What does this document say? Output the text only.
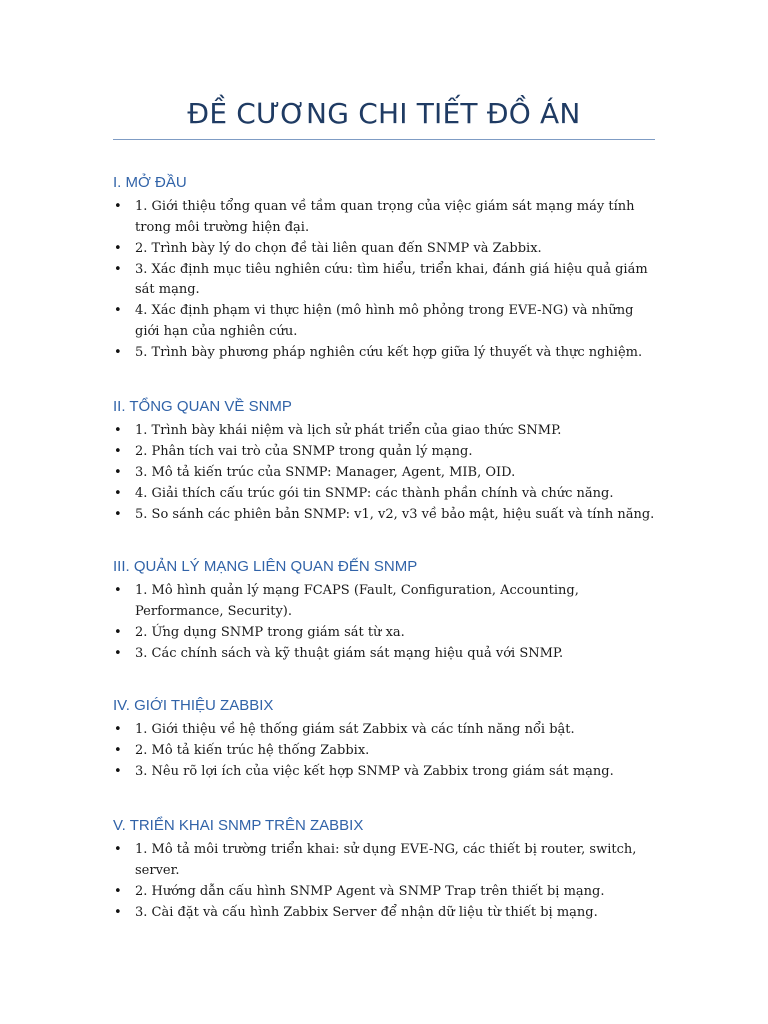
ĐỀ CƯƠNG CHI TIẾT ĐỒ ÁN
I. MỞ ĐẦU
• 1. Giới thiệu tổng quan về tầm quan trọng của việc giám sát mạng máy tính trong môi trường hiện đại.
• 2. Trình bày lý do chọn đề tài liên quan đến SNMP và Zabbix.
• 3. Xác định mục tiêu nghiên cứu: tìm hiểu, triển khai, đánh giá hiệu quả giám sát mạng.
• 4. Xác định phạm vi thực hiện (mô hình mô phỏng trong EVE-NG) và những giới hạn của nghiên cứu.
• 5. Trình bày phương pháp nghiên cứu kết hợp giữa lý thuyết và thực nghiệm.
II. TỔNG QUAN VỀ SNMP
• 1. Trình bày khái niệm và lịch sử phát triển của giao thức SNMP.
• 2. Phân tích vai trò của SNMP trong quản lý mạng.
• 3. Mô tả kiến trúc của SNMP: Manager, Agent, MIB, OID.
• 4. Giải thích cấu trúc gói tin SNMP: các thành phần chính và chức năng.
• 5. So sánh các phiên bản SNMP: v1, v2, v3 về bảo mật, hiệu suất và tính năng.
III. QUẢN LÝ MẠNG LIÊN QUAN ĐẾN SNMP
• 1. Mô hình quản lý mạng FCAPS (Fault, Configuration, Accounting, Performance, Security).
• 2. Ứng dụng SNMP trong giám sát từ xa.
• 3. Các chính sách và kỹ thuật giám sát mạng hiệu quả với SNMP.
IV. GIỚI THIỆU ZABBIX
• 1. Giới thiệu về hệ thống giám sát Zabbix và các tính năng nổi bật.
• 2. Mô tả kiến trúc hệ thống Zabbix.
• 3. Nêu rõ lợi ích của việc kết hợp SNMP và Zabbix trong giám sát mạng.
V. TRIỂN KHAI SNMP TRÊN ZABBIX
• 1. Mô tả môi trường triển khai: sử dụng EVE-NG, các thiết bị router, switch, server.
• 2. Hướng dẫn cấu hình SNMP Agent và SNMP Trap trên thiết bị mạng.
• 3. Cài đặt và cấu hình Zabbix Server để nhận dữ liệu từ thiết bị mạng.
